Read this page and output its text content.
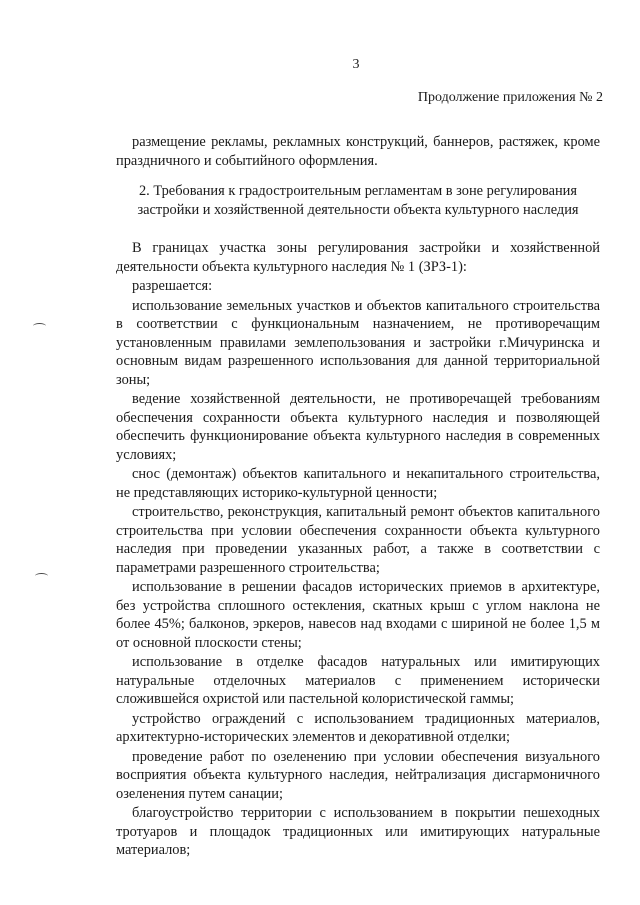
3
Продолжение приложения № 2

размещение рекламы, рекламных конструкций, баннеров, растяжек, кроме праздничного и событийного оформления.

2. Требования к градостроительным регламентам в зоне регулирования застройки и хозяйственной деятельности объекта культурного наследия

В границах участка зоны регулирования застройки и хозяйственной деятельности объекта культурного наследия № 1 (ЗРЗ-1):

разрешается:

использование земельных участков и объектов капитального строительства в соответствии с функциональным назначением, не противоречащим установленным правилами землепользования и застройки г.Мичуринска и основным видам разрешенного использования для данной территориальной зоны;

ведение хозяйственной деятельности, не противоречащей требованиям обеспечения сохранности объекта культурного наследия и позволяющей обеспечить функционирование объекта культурного наследия в современных условиях;

снос (демонтаж) объектов капитального и некапитального строительства, не представляющих историко-культурной ценности;

строительство, реконструкция, капитальный ремонт объектов капитального строительства при условии обеспечения сохранности объекта культурного наследия при проведении указанных работ, а также в соответствии с параметрами разрешенного строительства;

использование в решении фасадов исторических приемов в архитектуре, без устройства сплошного остекления, скатных крыш с углом наклона не более 45%; балконов, эркеров, навесов над входами с шириной не более 1,5 м от основной плоскости стены;

использование в отделке фасадов натуральных или имитирующих натуральные отделочных материалов с применением исторически сложившейся охристой или пастельной колористической гаммы;

устройство ограждений с использованием традиционных материалов, архитектурно-исторических элементов и декоративной отделки;

проведение работ по озеленению при условии обеспечения визуального восприятия объекта культурного наследия, нейтрализация дисгармоничного озеленения путем санации;

благоустройство территории с использованием в покрытии пешеходных тротуаров и площадок традиционных или имитирующих натуральные материалов;
